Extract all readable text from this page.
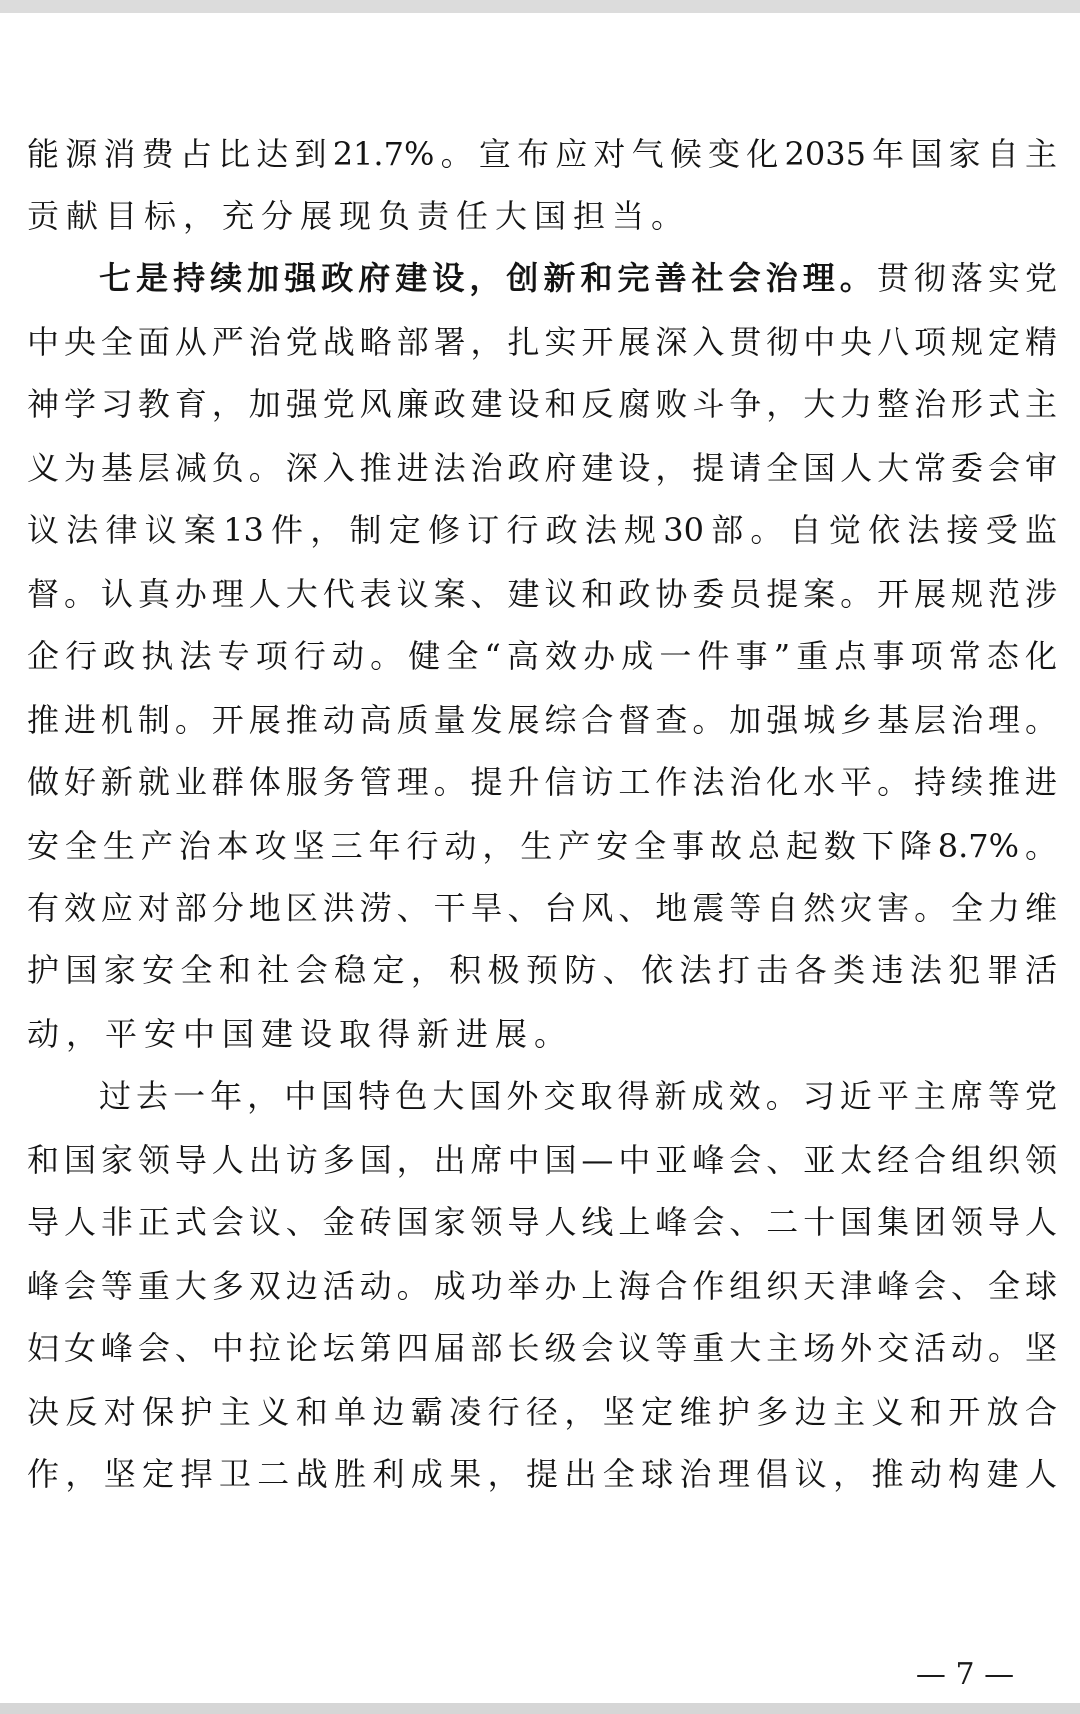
能源消费占比达到21.7%。宣布应对气候变化2035年国家自主
贡献目标，充分展现负责任大国担当。
七是持续加强政府建设，创新和完善社会治理。贯彻落实党
中央全面从严治党战略部署，扎实开展深入贯彻中央八项规定精
神学习教育，加强党风廉政建设和反腐败斗争，大力整治形式主
义为基层减负。深入推进法治政府建设，提请全国人大常委会审
议法律议案13件，制定修订行政法规30部。自觉依法接受监
督。认真办理人大代表议案、建议和政协委员提案。开展规范涉
企行政执法专项行动。健全“高效办成一件事”重点事项常态化
推进机制。开展推动高质量发展综合督查。加强城乡基层治理。
做好新就业群体服务管理。提升信访工作法治化水平。持续推进
安全生产治本攻坚三年行动，生产安全事故总起数下降8.7%。
有效应对部分地区洪涝、干旱、台风、地震等自然灾害。全力维
护国家安全和社会稳定，积极预防、依法打击各类违法犯罪活
动，平安中国建设取得新进展。
过去一年，中国特色大国外交取得新成效。习近平主席等党
和国家领导人出访多国，出席中国—中亚峰会、亚太经合组织领
导人非正式会议、金砖国家领导人线上峰会、二十国集团领导人
峰会等重大多双边活动。成功举办上海合作组织天津峰会、全球
妇女峰会、中拉论坛第四届部长级会议等重大主场外交活动。坚
决反对保护主义和单边霸凌行径，坚定维护多边主义和开放合
作，坚定捍卫二战胜利成果，提出全球治理倡议，推动构建人
— 7 —
